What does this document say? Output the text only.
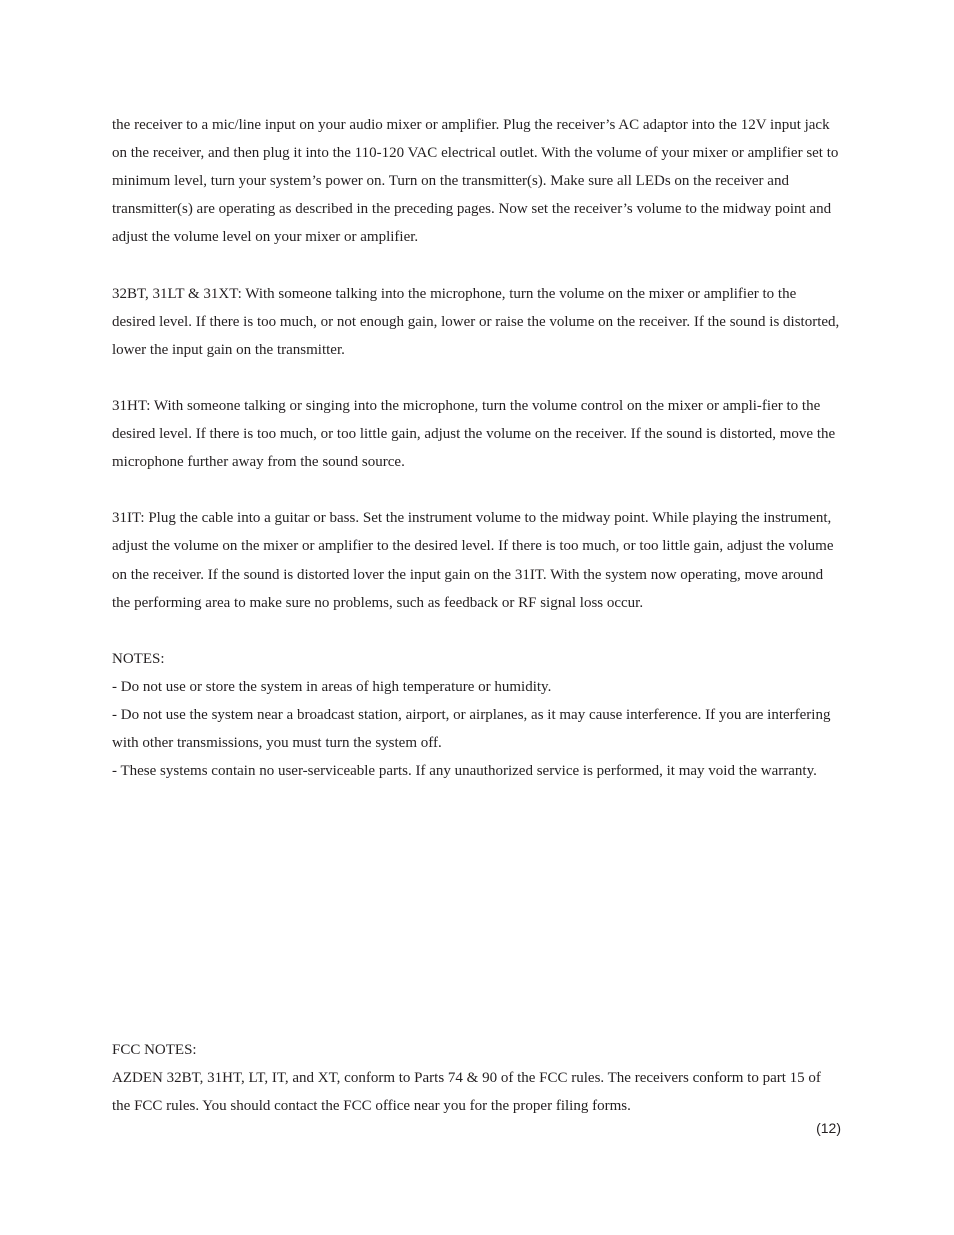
the receiver to a mic/line input on your audio mixer or amplifier. Plug the receiver’s AC adaptor into the 12V input jack on the receiver, and then plug it into the 110-120 VAC electrical outlet. With the volume of your mixer or amplifier set to minimum level, turn your system’s power on. Turn on the transmitter(s). Make sure all LEDs on the receiver and transmitter(s) are operating as described in the preceding pages. Now set the receiver’s volume to the midway point and adjust the volume level on your mixer or amplifier.

32BT, 31LT & 31XT: With someone talking into the microphone, turn the volume on the mixer or amplifier to the desired level. If there is too much, or not enough gain, lower or raise the volume on the receiver. If the sound is distorted, lower the input gain on the transmitter.

31HT: With someone talking or singing into the microphone, turn the volume control on the mixer or ampli-fier to the desired level. If there is too much, or too little gain, adjust the volume on the receiver. If the sound is distorted, move the microphone further away from the sound source.

31IT: Plug the cable into a guitar or bass. Set the instrument volume to the midway point. While playing the instrument, adjust the volume on the mixer or amplifier to the desired level. If there is too much, or too little gain, adjust the volume on the receiver. If the sound is distorted lover the input gain on the 31IT. With the system now operating, move around the performing area to make sure no problems, such as feedback or RF signal loss occur.

NOTES:

- Do not use or store the system in areas of high temperature or humidity.

- Do not use the system near a broadcast station, airport, or airplanes, as it may cause interference. If you are interfering with other transmissions, you must turn the system off.

- These systems contain no user-serviceable parts. If any unauthorized service is performed, it may void the warranty.

FCC NOTES:

AZDEN 32BT, 31HT, LT, IT, and XT, conform to Parts 74 & 90 of the FCC rules. The receivers conform to part 15 of the FCC rules. You should contact the FCC office near you for the proper filing forms.

(12)
